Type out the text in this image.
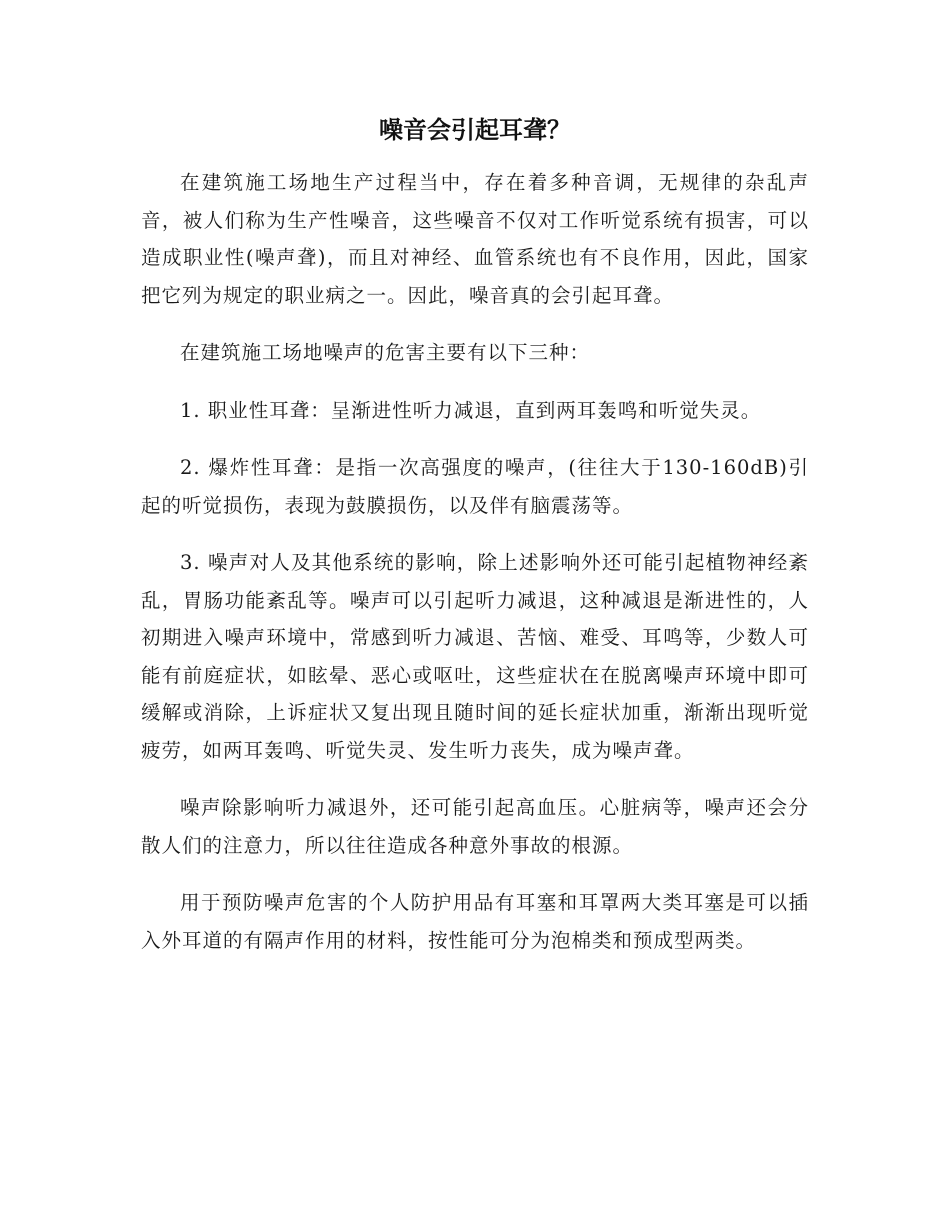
噪音会引起耳聋？

在建筑施工场地生产过程当中，存在着多种音调，无规律的杂乱声音，被人们称为生产性噪音，这些噪音不仅对工作听觉系统有损害，可以造成职业性(噪声聋)，而且对神经、血管系统也有不良作用，因此，国家把它列为规定的职业病之一。因此，噪音真的会引起耳聋。

在建筑施工场地噪声的危害主要有以下三种：

1. 职业性耳聋：呈渐进性听力减退，直到两耳轰鸣和听觉失灵。

2. 爆炸性耳聋：是指一次高强度的噪声，(往往大于130-160dB)引起的听觉损伤，表现为鼓膜损伤，以及伴有脑震荡等。

3. 噪声对人及其他系统的影响，除上述影响外还可能引起植物神经紊乱，胃肠功能紊乱等。噪声可以引起听力减退，这种减退是渐进性的，人初期进入噪声环境中，常感到听力减退、苦恼、难受、耳鸣等，少数人可能有前庭症状，如眩晕、恶心或呕吐，这些症状在在脱离噪声环境中即可缓解或消除，上诉症状又复出现且随时间的延长症状加重，渐渐出现听觉疲劳，如两耳轰鸣、听觉失灵、发生听力丧失，成为噪声聋。

噪声除影响听力减退外，还可能引起高血压。心脏病等，噪声还会分散人们的注意力，所以往往造成各种意外事故的根源。

用于预防噪声危害的个人防护用品有耳塞和耳罩两大类耳塞是可以插入外耳道的有隔声作用的材料，按性能可分为泡棉类和预成型两类。
